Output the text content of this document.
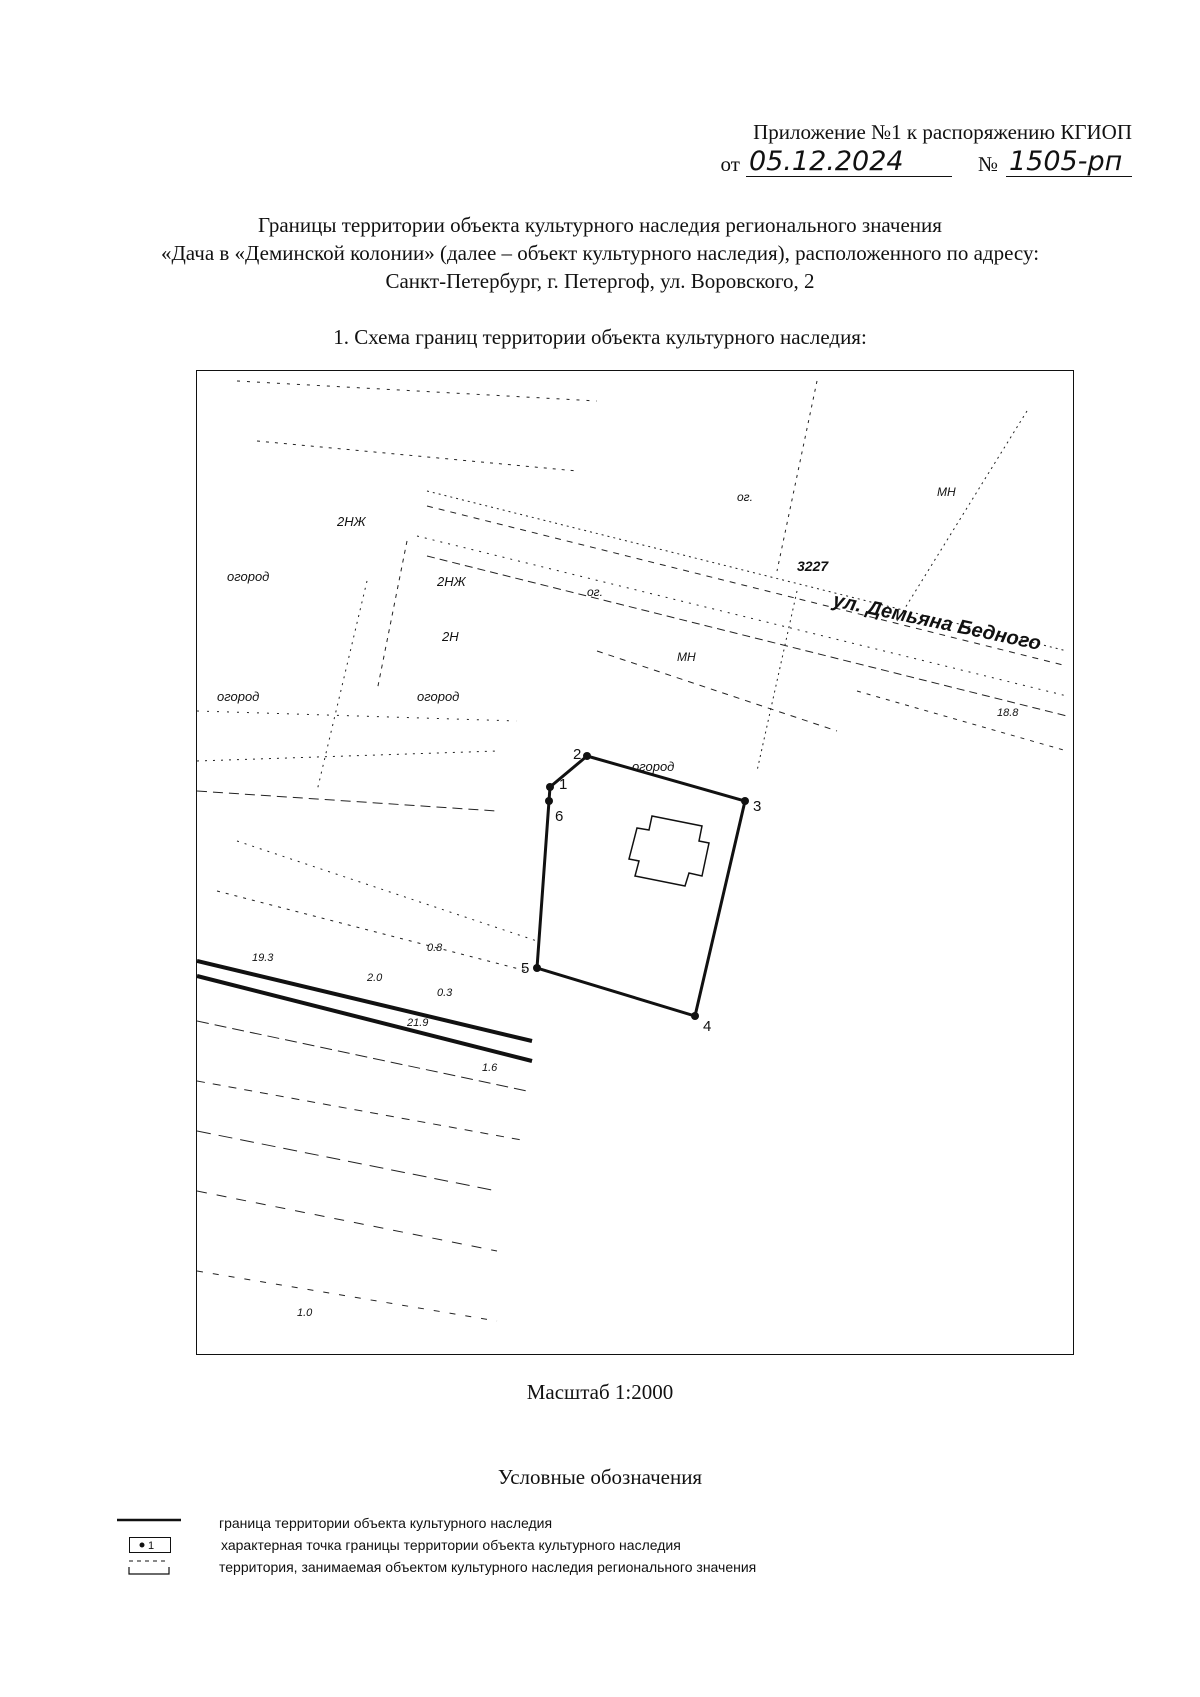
Приложение №1 к распоряжению КГИОП
от 05.12.2024	№ 1505-рп
Границы территории объекта культурного наследия регионального значения
«Дача в «Деминской колонии» (далее – объект культурного наследия), расположенного по адресу:
Санкт-Петербург, г. Петергоф, ул. Воровского, 2
1. Схема границ территории объекта культурного наследия:
1
2
3
4
5
6
ул. Демьяна Бедного
3227
огород
огород
огород
огород
2НЖ
2НЖ
2Н
МН
МН
ог.
ог.
18.8
21.9
0.8
0.3
1.6
1.0
2.0
19.3
Масштаб 1:2000
Условные обозначения
граница территории объекта культурного наследия
1	характерная точка границы территории объекта культурного наследия
территория, занимаемая объектом культурного наследия регионального значения
